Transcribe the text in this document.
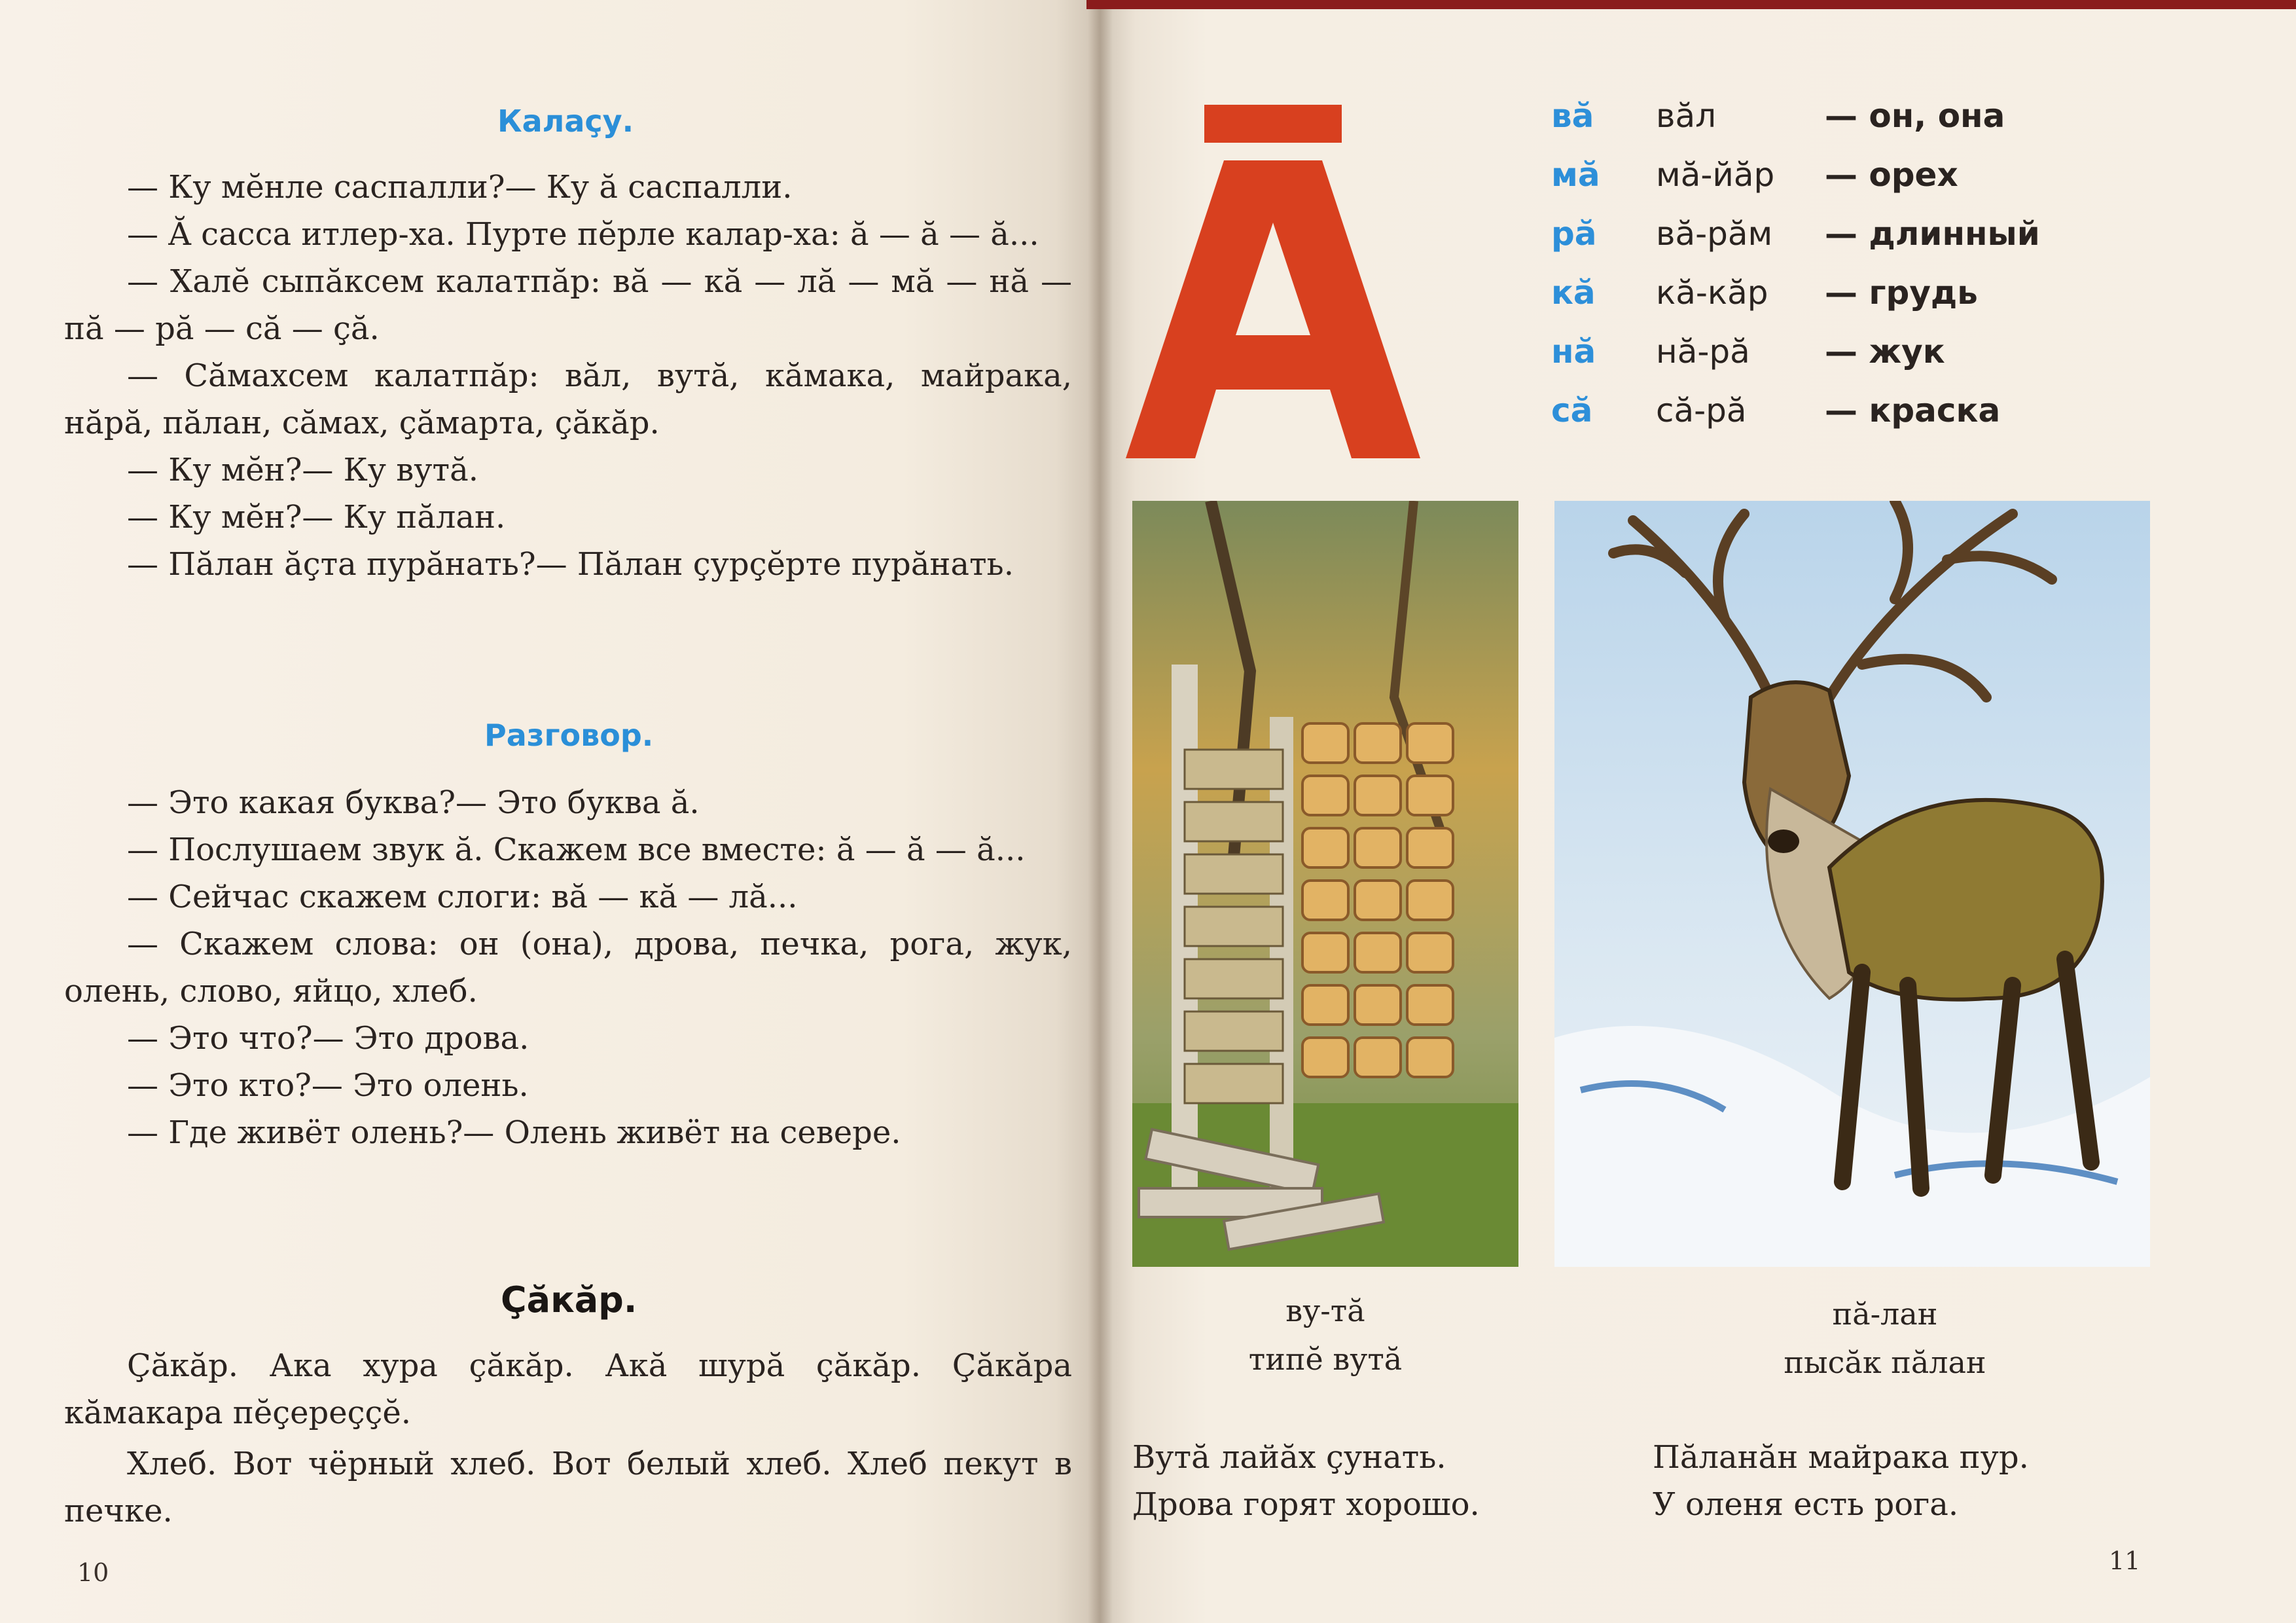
Калаçу.

— Ку мĕнле саспалли?— Ку ă саспалли.

— Ă сасса итлер-ха. Пурте пĕрле калар-ха: ă — ă — ă...

— Халĕ сыпăксем калатпăр: вă — кă — лă — мă — нă — пă — рă — сă — çă.

— Сăмахсем калатпăр: вăл, вутă, кăмака, майрака, нăрă, пăлан, сăмах, çăмарта, çăкăр.

— Ку мĕн?— Ку вутă.

— Ку мĕн?— Ку пăлан.

— Пăлан ăçта пурăнать?— Пăлан çурçĕрте пурăнать.

Разговор.

— Это какая буква?— Это буква ă.

— Послушаем звук ă. Скажем все вместе: ă — ă — ă...

— Сейчас скажем слоги: вă — кă — лă...

— Скажем слова: он (она), дрова, печка, рога, жук, олень, слово, яйцо, хлеб.

— Это что?— Это дрова.

— Это кто?— Это олень.

— Где живёт олень?— Олень живёт на севере.

Çăкăр.

Çăкăр. Ака хура çăкăр. Акă шурă çăкăр. Çăкăра кăмакара пĕçереççĕ.

Хлеб. Вот чёрный хлеб. Вот белый хлеб. Хлеб пекут в печке.

10
вă вăл	— он, она
мă мă-йăр — орех
рă вă-рăм — длинный
кă кă-кăр — грудь
нă нă-рă — жук
сă сă-рă — краска
ву-тă
типĕ вутă
пă-лан
пысăк пăлан
Вутă лайăх çунать.
Дрова горят хорошо.
Пăланăн майрака пур.
У оленя есть рога.
11
